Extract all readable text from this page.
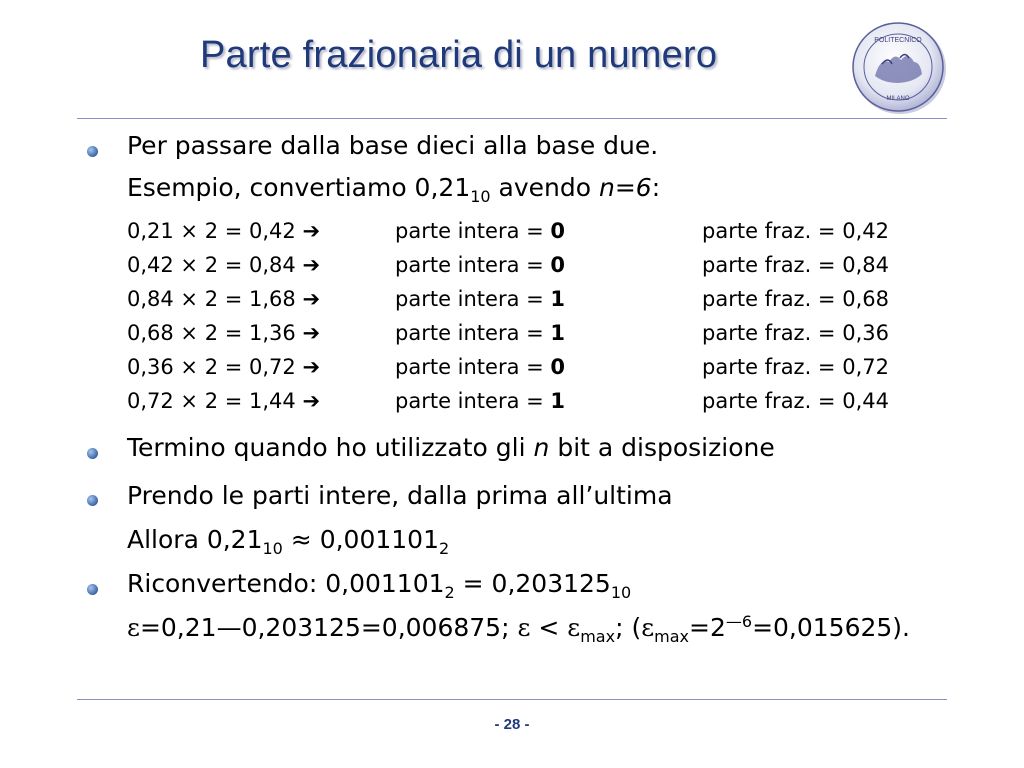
Parte frazionaria di un numero	POLITECNICO
MILANO
Per passare dalla base dieci alla base due.
Esempio, convertiamo $0,21_{10}$ avendo n=6:
0,21 × 2 = 0,42 ➔	parte intera = 0	parte fraz. = 0,42
0,42 × 2 = 0,84 ➔	parte intera = 0	parte fraz. = 0,84
0,84 × 2 = 1,68 ➔	parte intera = 1	parte fraz. = 0,68
0,68 × 2 = 1,36 ➔	parte intera = 1	parte fraz. = 0,36
0,36 × 2 = 0,72 ➔	parte intera = 0	parte fraz. = 0,72
0,72 × 2 = 1,44 ➔	parte intera = 1	parte fraz. = 0,44
Termino quando ho utilizzato gli n bit a disposizione
Prendo le parti intere, dalla prima all’ultima
Allora $0,21_{10} \approx 0,001101_2$
Riconvertendo: $0,001101_2 = 0,203125_{10}$
ε=0,21—0,203125=0,006875; $\varepsilon < \varepsilon_{max}$; $(\varepsilon_{max}=2^{—6}=0,015625)$.
- 28 -
